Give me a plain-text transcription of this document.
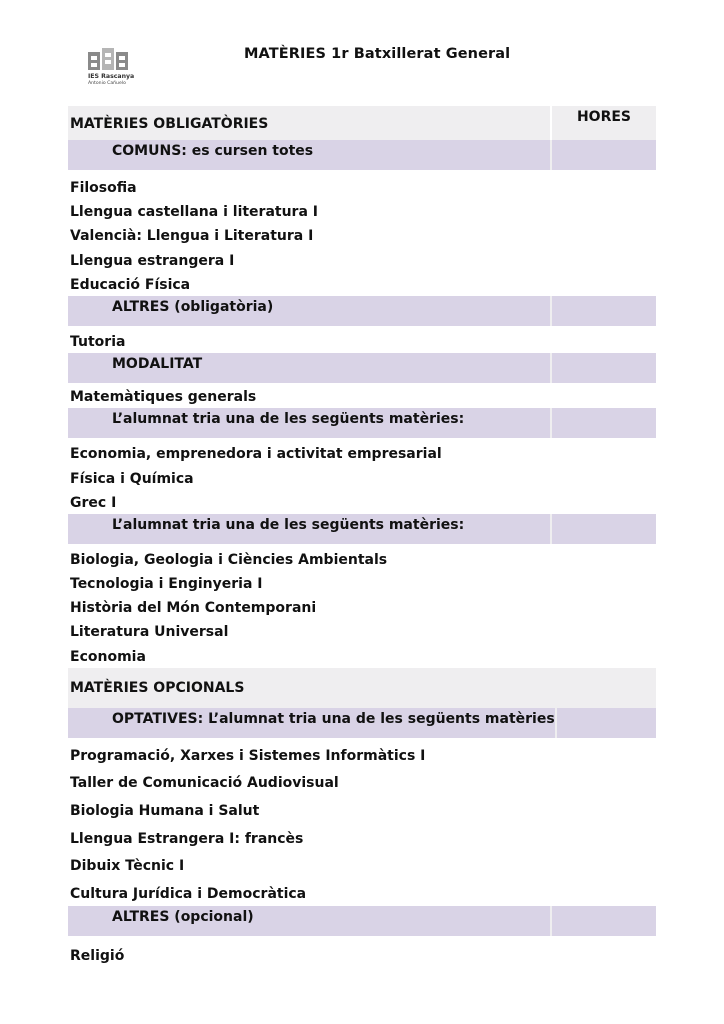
IES Rascanya
Antonio Cañuelo
MATÈRIES 1r Batxillerat General
MATÈRIES OBLIGATÒRIES	HORES
COMUNS: es cursen totes
Filosofia
Llengua castellana i literatura I
Valencià: Llengua i Literatura I
Llengua estrangera I
Educació Física
ALTRES (obligatòria)
Tutoria
MODALITAT
Matemàtiques generals
L’alumnat tria una de les següents matèries:
Economia, emprenedora i activitat empresarial
Física i Química
Grec I
L’alumnat tria una de les següents matèries:
Biologia, Geologia i Ciències Ambientals
Tecnologia i Enginyeria I
Història del Món Contemporani
Literatura Universal
Economia
MATÈRIES OPCIONALS
OPTATIVES: L’alumnat tria una de les següents matèries
Programació, Xarxes i Sistemes Informàtics I
Taller de Comunicació Audiovisual
Biologia Humana i Salut
Llengua Estrangera I: francès
Dibuix Tècnic I
Cultura Jurídica i Democràtica
ALTRES (opcional)
Religió
